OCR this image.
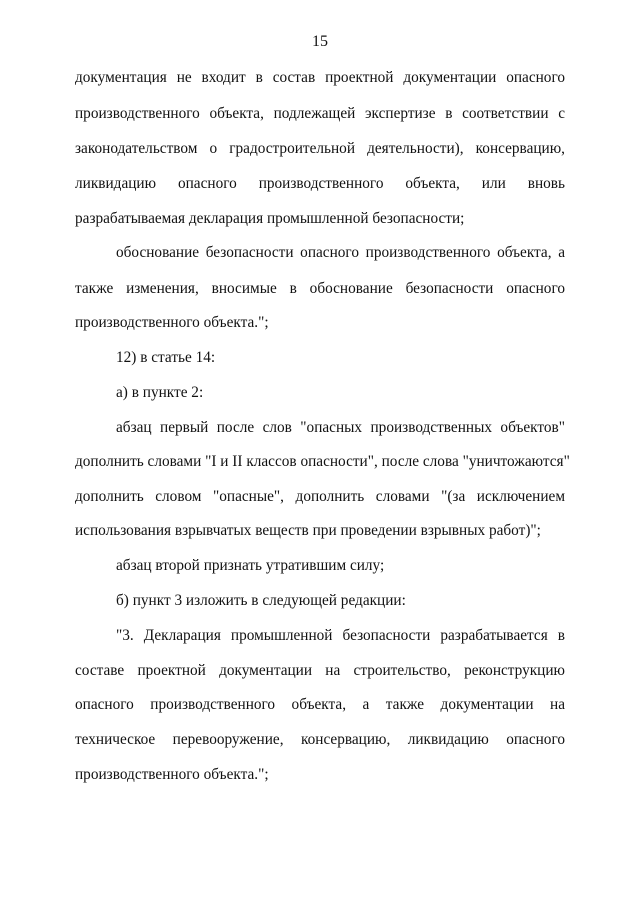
15
документация не входит в состав проектной документации опасного
производственного объекта, подлежащей экспертизе в соответствии с
законодательством о градостроительной деятельности), консервацию,
ликвидацию опасного производственного объекта, или вновь
разрабатываемая декларация промышленной безопасности;
обоснование безопасности опасного производственного объекта, а
также изменения, вносимые в обоснование безопасности опасного
производственного объекта.";
12) в статье 14:
а) в пункте 2:
абзац первый после слов "опасных производственных объектов"
дополнить словами "I и II классов опасности", после слова "уничтожаются"
дополнить словом "опасные", дополнить словами "(за исключением
использования взрывчатых веществ при проведении взрывных работ)";
абзац второй признать утратившим силу;
б) пункт 3 изложить в следующей редакции:
"3. Декларация промышленной безопасности разрабатывается в
составе проектной документации на строительство, реконструкцию
опасного производственного объекта, а также документации на
техническое перевооружение, консервацию, ликвидацию опасного
производственного объекта.";
